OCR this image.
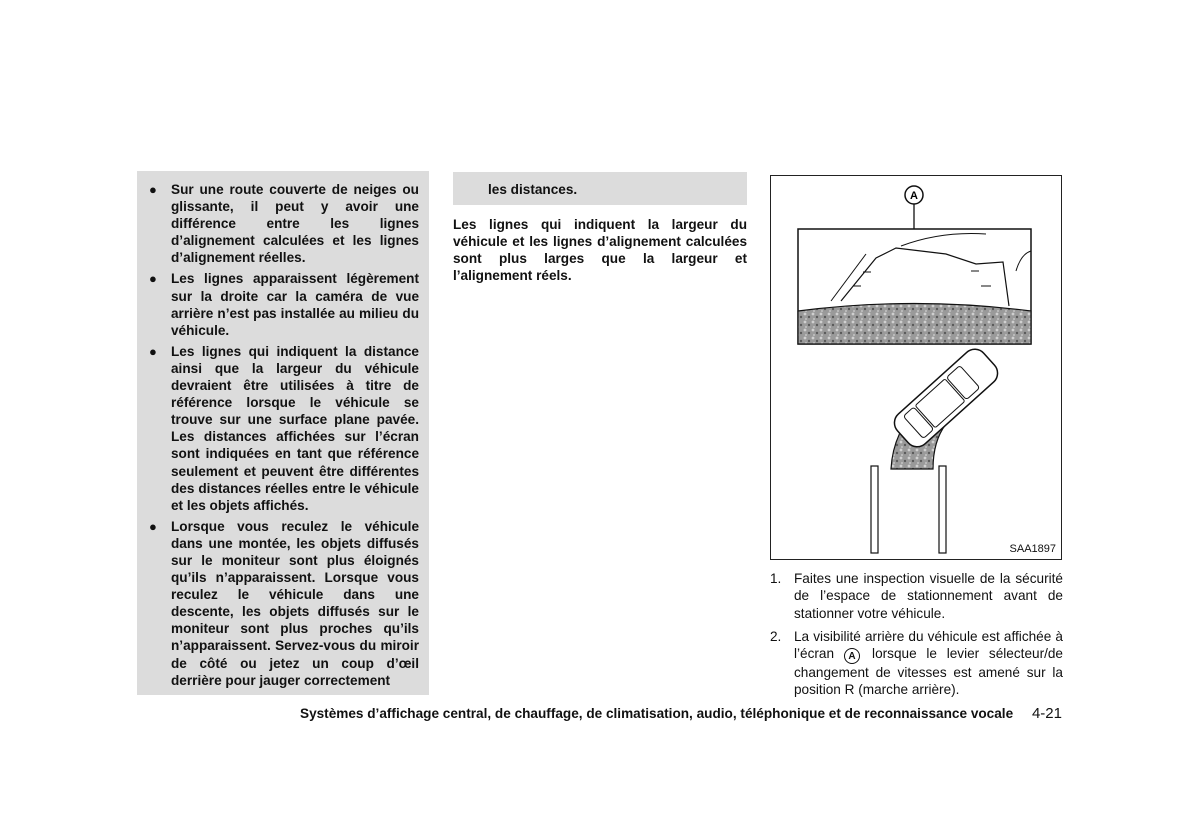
● Sur une route couverte de neiges ou glissante, il peut y avoir une différence entre les lignes d’alignement calculées et les lignes d’alignement réelles.
● Les lignes apparaissent légèrement sur la droite car la caméra de vue arrière n’est pas installée au milieu du véhicule.
● Les lignes qui indiquent la distance ainsi que la largeur du véhicule devraient être utilisées à titre de référence lorsque le véhicule se trouve sur une surface plane pavée. Les distances affichées sur l’écran sont indiquées en tant que référence seulement et peuvent être différentes des distances réelles entre le véhicule et les objets affichés.
● Lorsque vous reculez le véhicule dans une montée, les objets diffusés sur le moniteur sont plus éloignés qu’ils n’apparaissent. Lorsque vous reculez le véhicule dans une descente, les objets diffusés sur le moniteur sont plus proches qu’ils n’apparaissent. Servez-vous du miroir de côté ou jetez un coup d’œil derrière pour jauger correctement
les distances.

Les lignes qui indiquent la largeur du véhicule et les lignes d’alignement calculées sont plus larges que la largeur et l’alignement réels.

A
SAA1897
1. Faites une inspection visuelle de la sécurité de l’espace de stationnement avant de stationner votre véhicule.
2. La visibilité arrière du véhicule est affichée à l’écran A lorsque le levier sélecteur/de changement de vitesses est amené sur la position R (marche arrière).
Systèmes d’affichage central, de chauffage, de climatisation, audio, téléphonique et de reconnaissance vocale 4-21
